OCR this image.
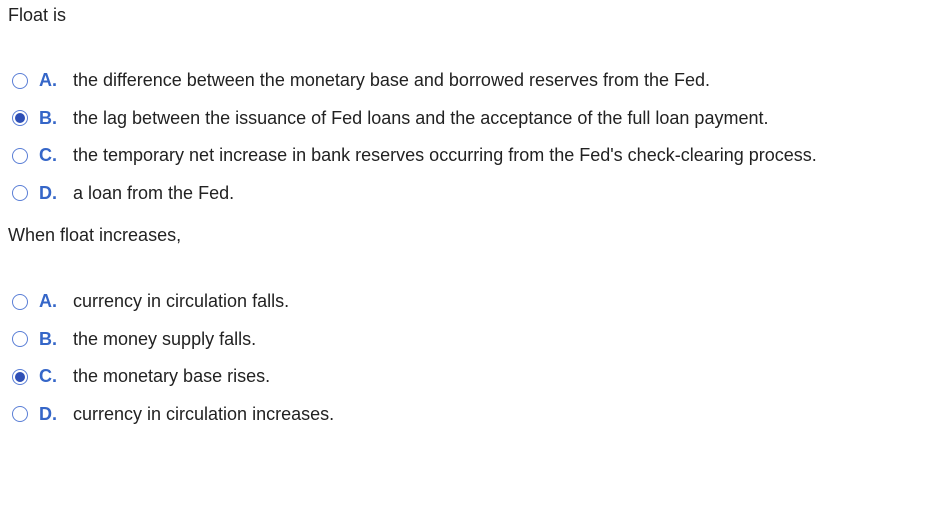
Float is
A. the difference between the monetary base and borrowed reserves from the Fed.
B. the lag between the issuance of Fed loans and the acceptance of the full loan payment.
C. the temporary net increase in bank reserves occurring from the Fed's check-clearing process.
D. a loan from the Fed.
When float increases,
A. currency in circulation falls.
B. the money supply falls.
C. the monetary base rises.
D. currency in circulation increases.
